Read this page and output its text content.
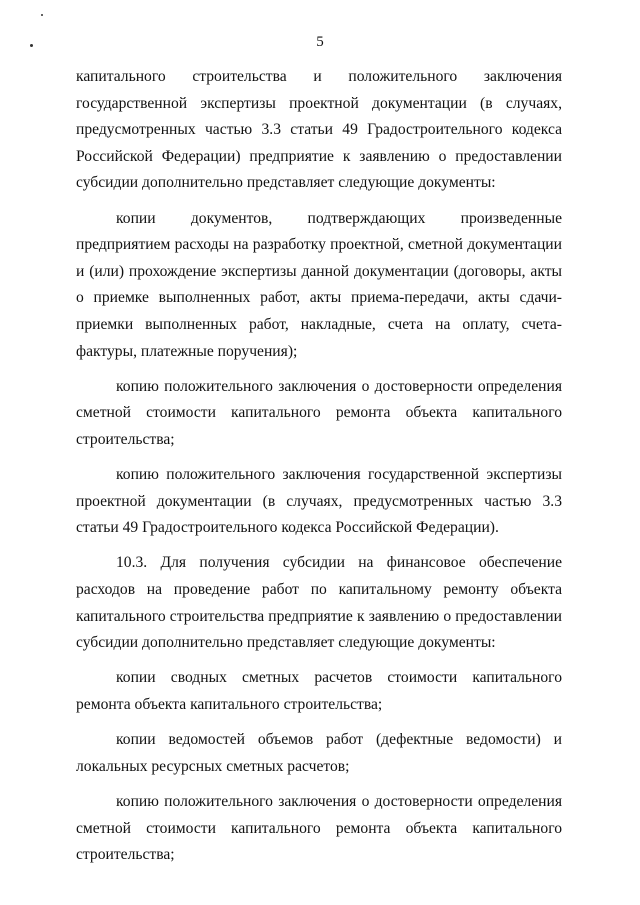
5

капитального строительства и положительного заключения государственной экспертизы проектной документации (в случаях, предусмотренных частью 3.3 статьи 49 Градостроительного кодекса Российской Федерации) предприятие к заявлению о предоставлении субсидии дополнительно представляет следующие документы:

копии документов, подтверждающих произведенные предприятием расходы на разработку проектной, сметной документации и (или) прохождение экспертизы данной документации (договоры, акты о приемке выполненных работ, акты приема-передачи, акты сдачи-приемки выполненных работ, накладные, счета на оплату, счета-фактуры, платежные поручения);

копию положительного заключения о достоверности определения сметной стоимости капитального ремонта объекта капитального строительства;

копию положительного заключения государственной экспертизы проектной документации (в случаях, предусмотренных частью 3.3 статьи 49 Градостроительного кодекса Российской Федерации).

10.3. Для получения субсидии на финансовое обеспечение расходов на проведение работ по капитальному ремонту объекта капитального строительства предприятие к заявлению о предоставлении субсидии дополнительно представляет следующие документы:

копии сводных сметных расчетов стоимости капитального ремонта объекта капитального строительства;

копии ведомостей объемов работ (дефектные ведомости) и локальных ресурсных сметных расчетов;

копию положительного заключения о достоверности определения сметной стоимости капитального ремонта объекта капитального строительства;
